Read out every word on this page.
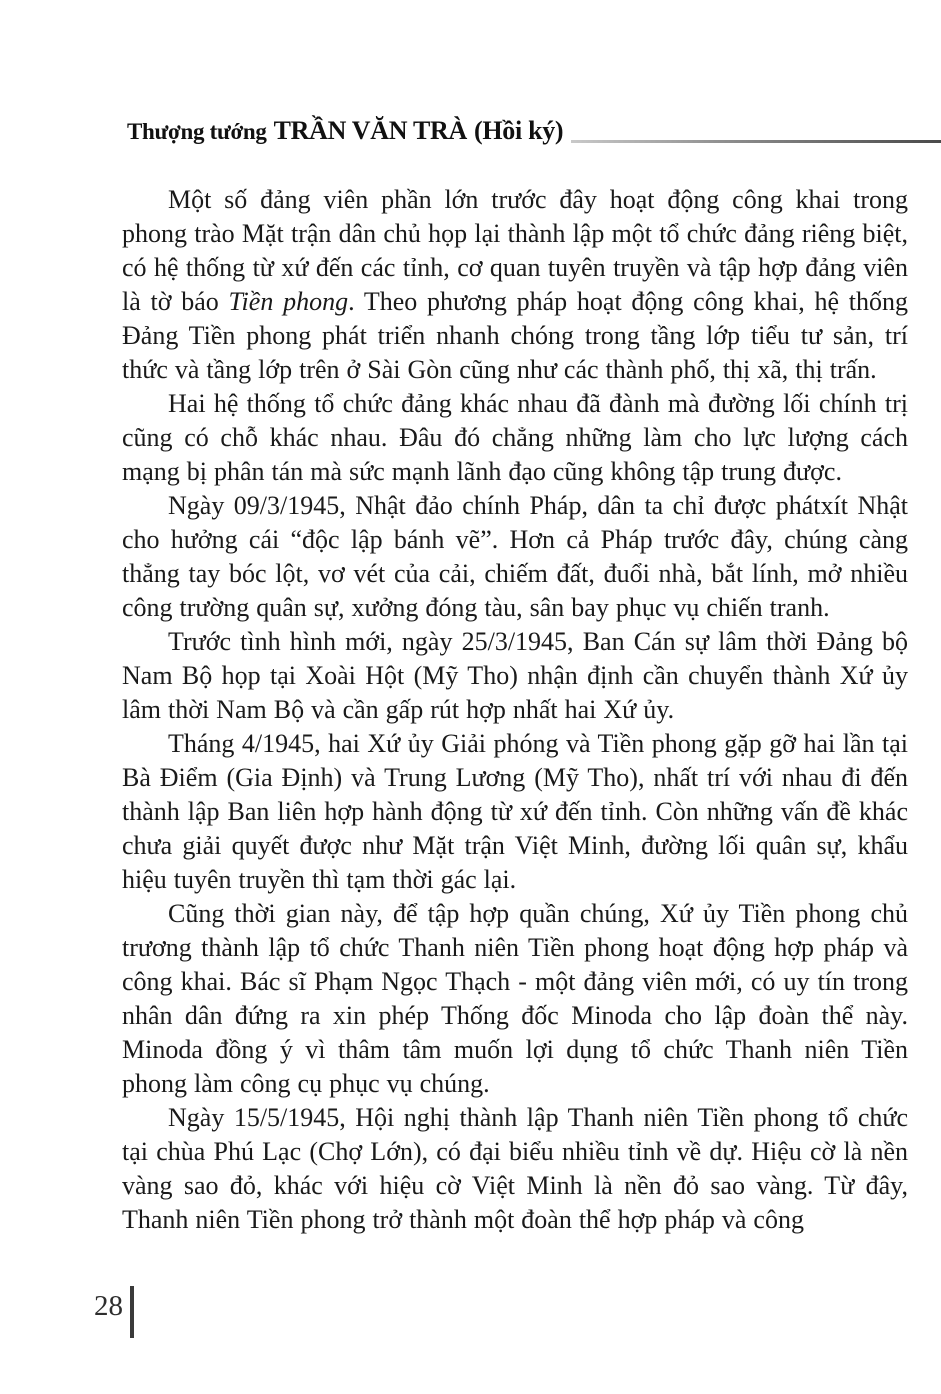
Thượng tướng TRẦN VĂN TRÀ (Hồi ký)

Một số đảng viên phần lớn trước đây hoạt động công khai trong phong trào Mặt trận dân chủ họp lại thành lập một tổ chức đảng riêng biệt, có hệ thống từ xứ đến các tỉnh, cơ quan tuyên truyền và tập hợp đảng viên là tờ báo Tiền phong. Theo phương pháp hoạt động công khai, hệ thống Đảng Tiền phong phát triển nhanh chóng trong tầng lớp tiểu tư sản, trí thức và tầng lớp trên ở Sài Gòn cũng như các thành phố, thị xã, thị trấn.

Hai hệ thống tổ chức đảng khác nhau đã đành mà đường lối chính trị cũng có chỗ khác nhau. Đâu đó chẳng những làm cho lực lượng cách mạng bị phân tán mà sức mạnh lãnh đạo cũng không tập trung được.

Ngày 09/3/1945, Nhật đảo chính Pháp, dân ta chỉ được phátxít Nhật cho hưởng cái “độc lập bánh vẽ”. Hơn cả Pháp trước đây, chúng càng thẳng tay bóc lột, vơ vét của cải, chiếm đất, đuổi nhà, bắt lính, mở nhiều công trường quân sự, xưởng đóng tàu, sân bay phục vụ chiến tranh.

Trước tình hình mới, ngày 25/3/1945, Ban Cán sự lâm thời Đảng bộ Nam Bộ họp tại Xoài Hột (Mỹ Tho) nhận định cần chuyển thành Xứ ủy lâm thời Nam Bộ và cần gấp rút hợp nhất hai Xứ ủy.

Tháng 4/1945, hai Xứ ủy Giải phóng và Tiền phong gặp gỡ hai lần tại Bà Điểm (Gia Định) và Trung Lương (Mỹ Tho), nhất trí với nhau đi đến thành lập Ban liên hợp hành động từ xứ đến tỉnh. Còn những vấn đề khác chưa giải quyết được như Mặt trận Việt Minh, đường lối quân sự, khẩu hiệu tuyên truyền thì tạm thời gác lại.

Cũng thời gian này, để tập hợp quần chúng, Xứ ủy Tiền phong chủ trương thành lập tổ chức Thanh niên Tiền phong hoạt động hợp pháp và công khai. Bác sĩ Phạm Ngọc Thạch - một đảng viên mới, có uy tín trong nhân dân đứng ra xin phép Thống đốc Minoda cho lập đoàn thể này. Minoda đồng ý vì thâm tâm muốn lợi dụng tổ chức Thanh niên Tiền phong làm công cụ phục vụ chúng.

Ngày 15/5/1945, Hội nghị thành lập Thanh niên Tiền phong tổ chức tại chùa Phú Lạc (Chợ Lớn), có đại biểu nhiều tỉnh về dự. Hiệu cờ là nền vàng sao đỏ, khác với hiệu cờ Việt Minh là nền đỏ sao vàng. Từ đây, Thanh niên Tiền phong trở thành một đoàn thể hợp pháp và công

28
